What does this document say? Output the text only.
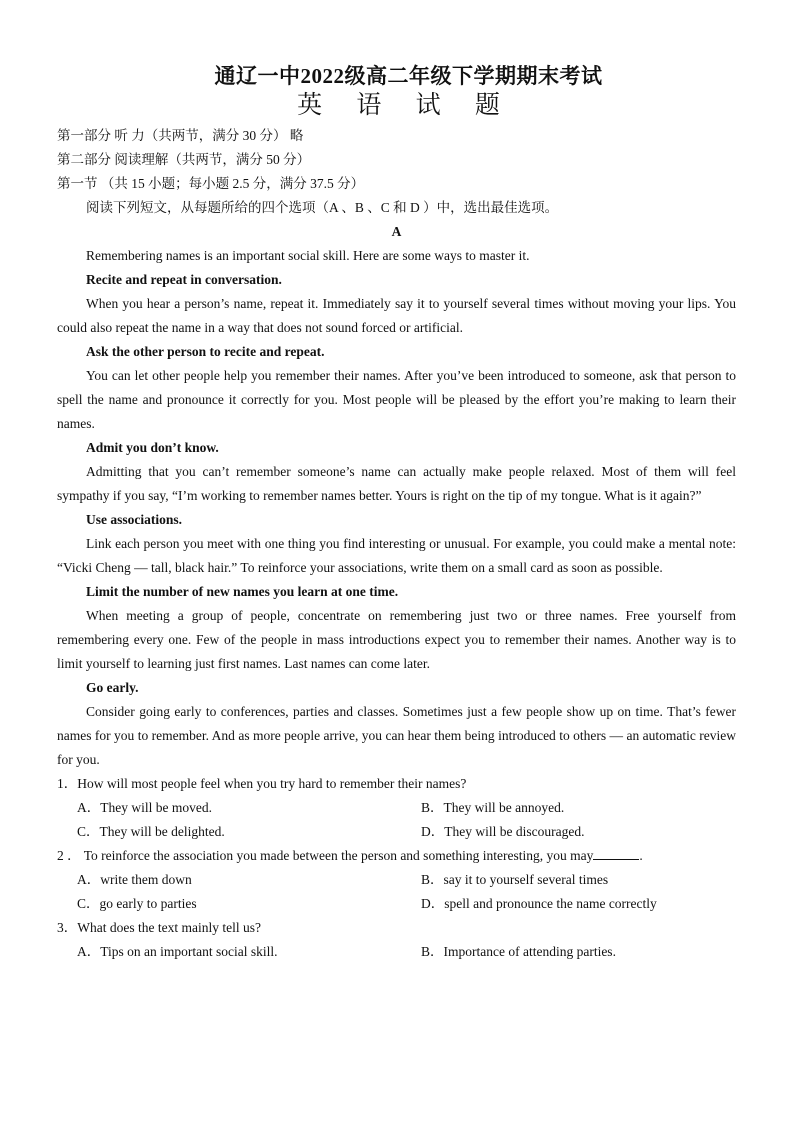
通辽一中2022级高二年级下学期期末考试
英 语 试 题
第一部分 听 力（共两节，满分 30 分） 略
第二部分 阅读理解（共两节，满分 50 分）
第一节 （共 15 小题；每小题 2.5 分，满分 37.5 分）
阅读下列短文，从每题所给的四个选项（A 、B 、C 和 D ）中，选出最佳选项。
A
Remembering names is an important social skill. Here are some ways to master it.
Recite and repeat in conversation.
When you hear a person’s name, repeat it. Immediately say it to yourself several times without moving your lips. You could also repeat the name in a way that does not sound forced or artificial.
Ask the other person to recite and repeat.
You can let other people help you remember their names. After you’ve been introduced to someone, ask that person to spell the name and pronounce it correctly for you. Most people will be pleased by the effort you’re making to learn their names.
Admit you don’t know.
Admitting that you can’t remember someone’s name can actually make people relaxed. Most of them will feel sympathy if you say, “I’m working to remember names better. Yours is right on the tip of my tongue. What is it again?”
Use associations.
Link each person you meet with one thing you find interesting or unusual. For example, you could make a mental note: “Vicki Cheng — tall, black hair.” To reinforce your associations, write them on a small card as soon as possible.
Limit the number of new names you learn at one time.
When meeting a group of people, concentrate on remembering just two or three names. Free yourself from remembering every one. Few of the people in mass introductions expect you to remember their names. Another way is to limit yourself to learning just first names. Last names can come later.
Go early.
Consider going early to conferences, parties and classes. Sometimes just a few people show up on time. That’s fewer names for you to remember. And as more people arrive, you can hear them being introduced to others — an automatic review for you.
1．How will most people feel when you try hard to remember their names?
A．They will be moved.	B．They will be annoyed.
C．They will be delighted.	D．They will be discouraged.
2 ． To reinforce the association you made between the person and something interesting, you may	.
A．write them down	B．say it to yourself several times
C．go early to parties	D．spell and pronounce the name correctly
3．What does the text mainly tell us?
A．Tips on an important social skill.	B．Importance of attending parties.
